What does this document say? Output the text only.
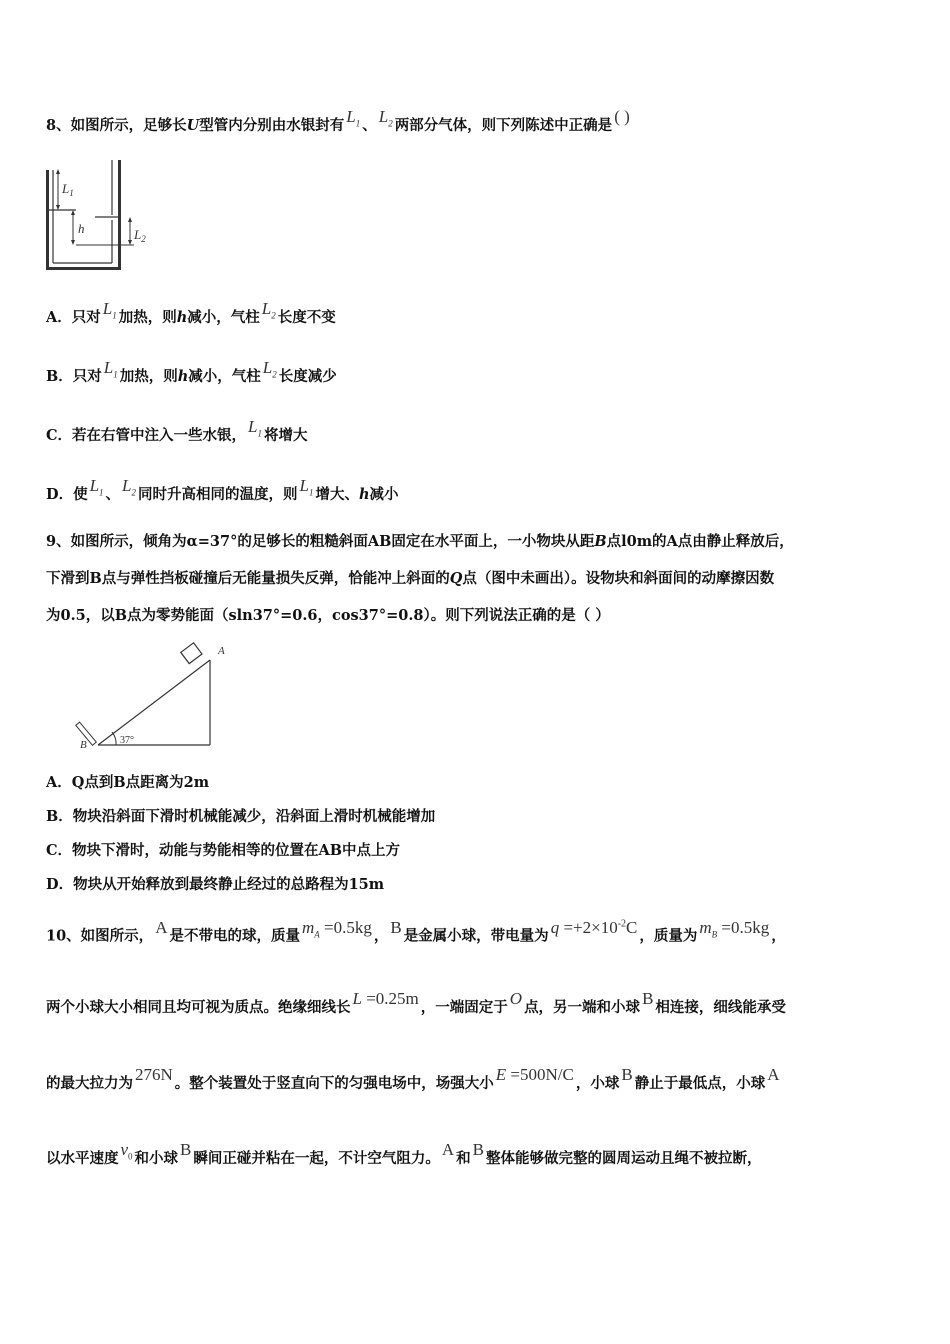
8、如图所示，足够长U型管内分别由水银封有 $L_1$ 、 $L_2$ 两部分气体，则下列陈述中正确是 ( )
$L_1$
h	$L_2$
A．只对 $L_1$ 加热，则h减小，气柱 $L_2$ 长度不变
B．只对 $L_1$ 加热，则h减小，气柱 $L_2$ 长度减少
C．若在右管中注入一些水银， $L_1$ 将增大
D．使 $L_1$ 、 $L_2$ 同时升高相同的温度，则 $L_1$ 增大、h减小
9、如图所示，倾角为α=37°的足够长的粗糙斜面AB固定在水平面上，一小物块从距B点l0m的A点由静止释放后，
下滑到B点与弹性挡板碰撞后无能量损失反弹，恰能冲上斜面的Q点（图中未画出）。设物块和斜面间的动摩擦因数
为0.5，以B点为零势能面（sln37°=0.6，cos37°=0.8）。则下列说法正确的是（ ）
A
B	37°
A．Q点到B点距离为2m
B．物块沿斜面下滑时机械能减少，沿斜面上滑时机械能增加
C．物块下滑时，动能与势能相等的位置在AB中点上方
D．物块从开始释放到最终静止经过的总路程为15m
10、如图所示， A 是不带电的球，质量 $m_A =0.5kg$ ， B 是金属小球，带电量为 $q =+2\times 10^{-2}C$ ，质量为 $m_B =0.5kg$ ，
两个小球大小相同且均可视为质点。绝缘细线长 L =0.25m ，一端固定于 O 点，另一端和小球 B 相连接，细线能承受
的最大拉力为 276N 。整个装置处于竖直向下的匀强电场中，场强大小 E =500N/C ，小球 B 静止于最低点，小球 A
以水平速度 $v_0$ 和小球 B 瞬间正碰并粘在一起，不计空气阻力。 A 和 B 整体能够做完整的圆周运动且绳不被拉断，
